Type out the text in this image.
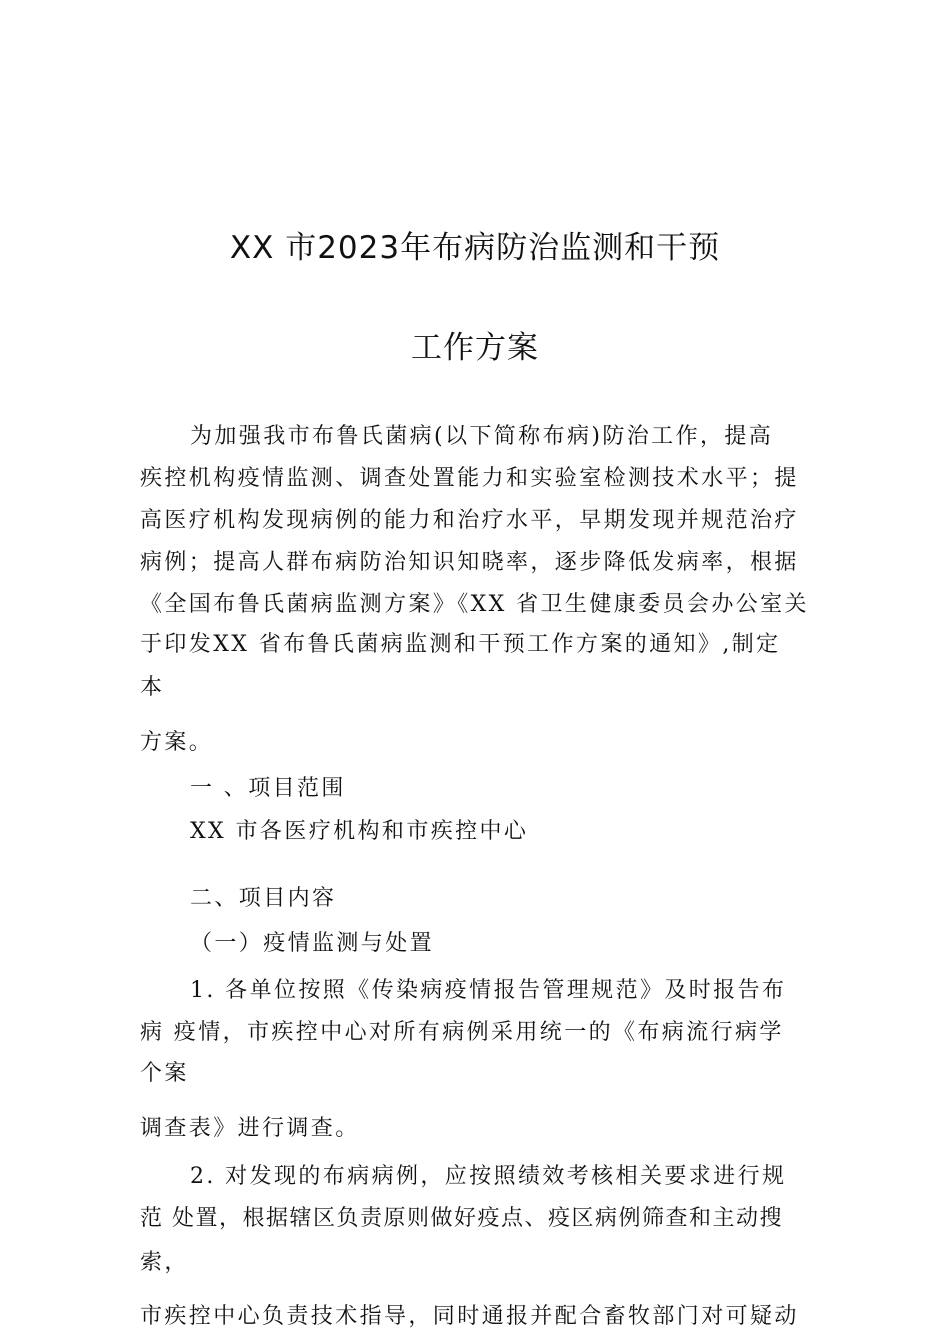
XX 市2023年布病防治监测和干预
工作方案
为加强我市布鲁氏菌病(以下简称布病)防治工作，提高
疾控机构疫情监测、调查处置能力和实验室检测技术水平；提
高医疗机构发现病例的能力和治疗水平，早期发现并规范治疗
病例；提高人群布病防治知识知晓率，逐步降低发病率，根据
《全国布鲁氏菌病监测方案》《XX 省卫生健康委员会办公室关
于印发XX 省布鲁氏菌病监测和干预工作方案的通知》,制定
本
方案。
一 、项目范围
XX 市各医疗机构和市疾控中心
二、项目内容
（一）疫情监测与处置
1. 各单位按照《传染病疫情报告管理规范》及时报告布
病 疫情，市疾控中心对所有病例采用统一的《布病流行病学
个案
调查表》进行调查。
2. 对发现的布病病例，应按照绩效考核相关要求进行规
范 处置，根据辖区负责原则做好疫点、疫区病例筛查和主动搜
索，
市疾控中心负责技术指导，同时通报并配合畜牧部门对可疑动
